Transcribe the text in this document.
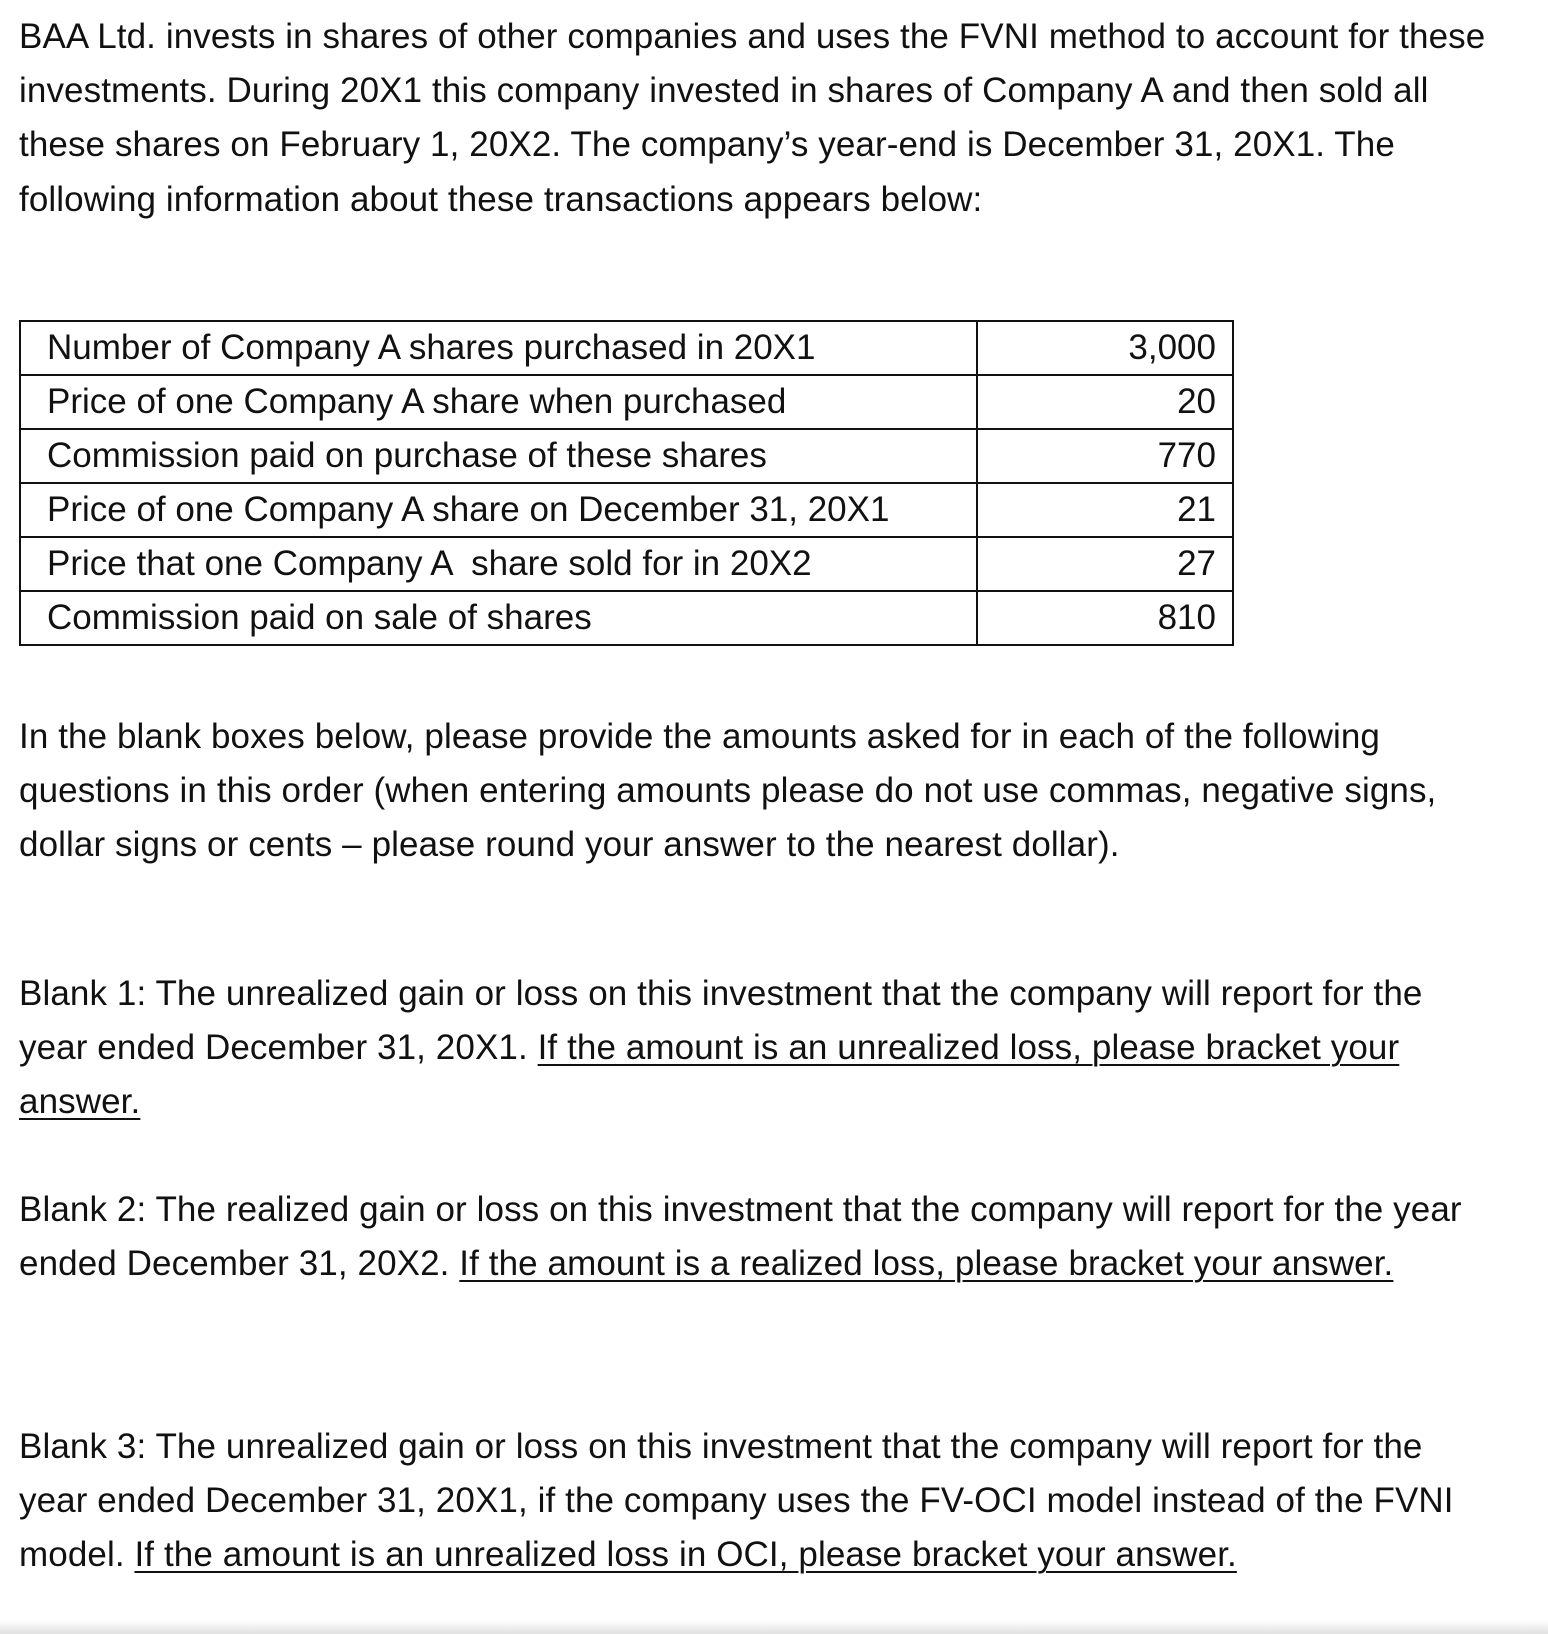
BAA Ltd. invests in shares of other companies and uses the FVNI method to account for these investments. During 20X1 this company invested in shares of Company A and then sold all these shares on February 1, 20X2. The company’s year-end is December 31, 20X1. The following information about these transactions appears below:

Number of Company A shares purchased in 20X1	3,000
Price of one Company A share when purchased	20
Commission paid on purchase of these shares	770
Price of one Company A share on December 31, 20X1	21
Price that one Company A  share sold for in 20X2	27
Commission paid on sale of shares	810

In the blank boxes below, please provide the amounts asked for in each of the following questions in this order (when entering amounts please do not use commas, negative signs, dollar signs or cents – please round your answer to the nearest dollar).

Blank 1: The unrealized gain or loss on this investment that the company will report for the year ended December 31, 20X1. If the amount is an unrealized loss, please bracket your answer.

Blank 2: The realized gain or loss on this investment that the company will report for the year ended December 31, 20X2. If the amount is a realized loss, please bracket your answer.

Blank 3: The unrealized gain or loss on this investment that the company will report for the year ended December 31, 20X1, if the company uses the FV-OCI model instead of the FVNI model. If the amount is an unrealized loss in OCI, please bracket your answer.
